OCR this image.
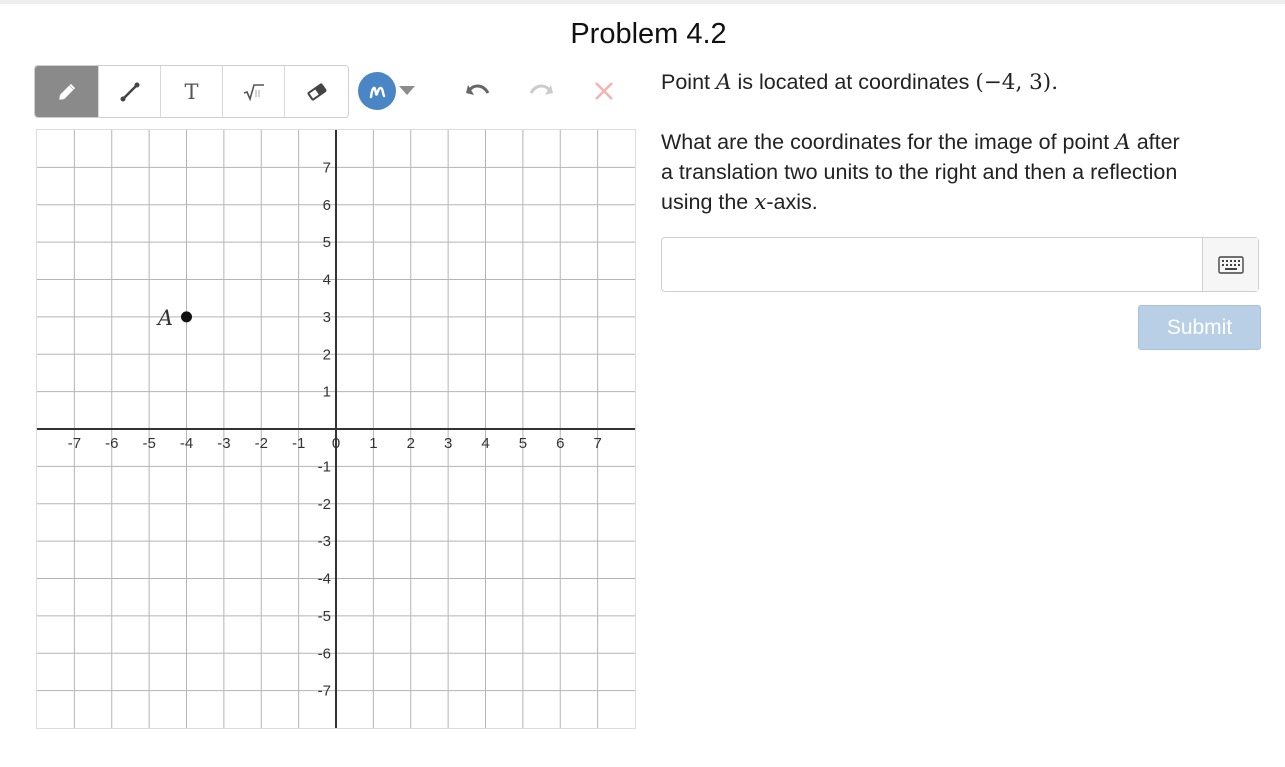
Problem 4.2
T
-7 -6 -5 -4 -3 -2 -1 0 1 2 3 4 5 6 7
7
6
5
4
3
2
1
-1
-2
-3
-4
-5
-6
-7
A
Point A is located at coordinates (−4, 3).
What are the coordinates for the image of point A after
a translation two units to the right and then a reflection
using the x-axis.
Submit
